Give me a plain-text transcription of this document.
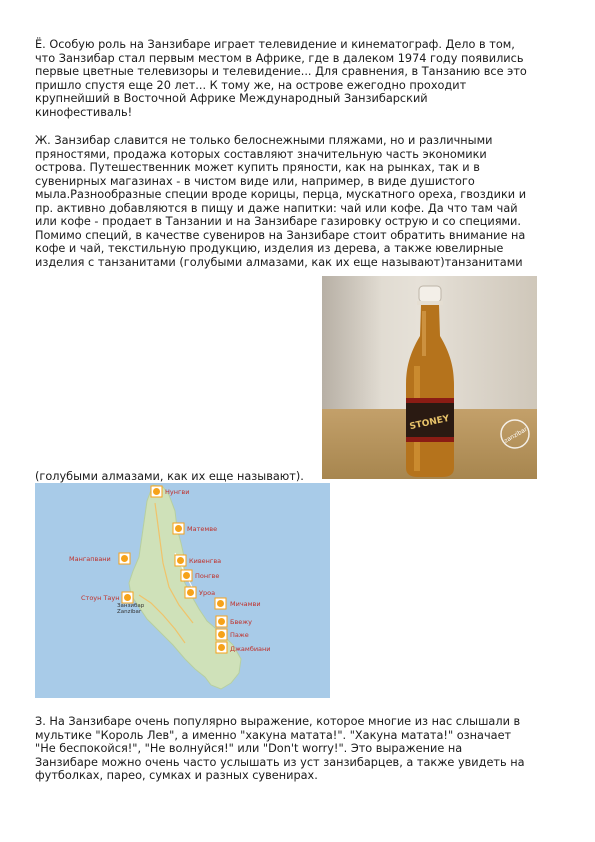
Ё. Особую роль на Занзибаре играет телевидение и кинематограф. Дело в том,
что Занзибар стал первым местом в Африке, где в далеком 1974 году появились
первые цветные телевизоры и телевидение... Для сравнения, в Танзанию все это
пришло спустя еще 20 лет... К тому же, на острове ежегодно проходит
крупнейший в Восточной Африке Международный Занзибарский
кинофестиваль!

Ж. Занзибар славится не только белоснежными пляжами, но и различными
пряностями, продажа которых составляют значительную часть экономики
острова. Путешественник может купить пряности, как на рынках, так и в
сувенирных магазинах - в чистом виде или, например, в виде душистого
мыла.Разнообразные специи вроде корицы, перца, мускатного ореха, гвоздики и
пр. активно добавляются в пищу и даже напитки: чай или кофе. Да что там чай
или кофе - продает в Танзании и на Занзибаре газировку острую и со специями.
Помимо специй, в качестве сувениров на Занзибаре стоит обратить внимание на
кофе и чай, текстильную продукцию, изделия из дерева, а также ювелирные
изделия с танзанитами (голубыми алмазами, как их еще называют)танзанитами

STONEY
zanzibar
(голубыми алмазами, как их еще называют).
Занзибар
Zanzibar
Нунгви
Матемве
Мангапвани	Кивенгва
Понгве
Уроа
Стоун Таун
Мичамви
Бвежу
Паже
Джамбиани

З. На Занзибаре очень популярно выражение, которое многие из нас слышали в
мультике "Король Лев", а именно "хакуна матата!". "Хакуна матата!" означает
"Не беспокойся!", "Не волнуйся!" или "Don't worry!". Это выражение на
Занзибаре можно очень часто услышать из уст занзибарцев, а также увидеть на
футболках, парео, сумках и разных сувенирах.
